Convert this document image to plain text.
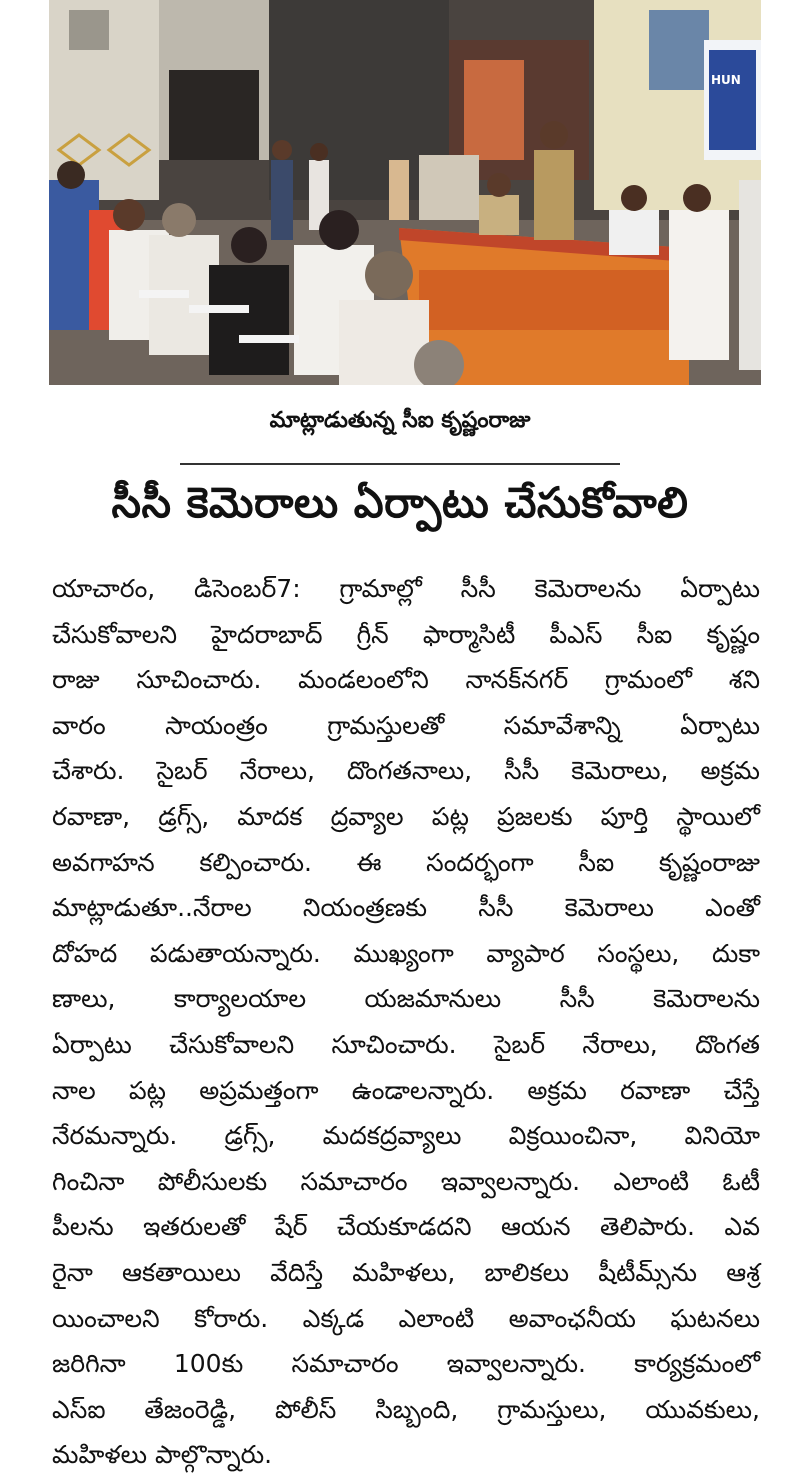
HUN
మాట్లాడుతున్న సీఐ కృష్ణంరాజు
సీసీ కెమెరాలు ఏర్పాటు చేసుకోవాలి
యాచారం, డిసెంబర్7: గ్రామాల్లో సీసీ కెమెరాలను ఏర్పాటు
చేసుకోవాలని హైదరాబాద్ గ్రీన్ ఫార్మాసిటీ పీఎస్ సీఐ కృష్ణం
రాజు సూచించారు. మండలంలోని నానక్‌నగర్ గ్రామంలో శని
వారం సాయంత్రం గ్రామస్తులతో సమావేశాన్ని ఏర్పాటు
చేశారు. సైబర్ నేరాలు, దొంగతనాలు, సీసీ కెమెరాలు, అక్రమ
రవాణా, డ్రగ్స్, మాదక ద్రవ్యాల పట్ల ప్రజలకు పూర్తి స్థాయిలో
అవగాహన కల్పించారు. ఈ సందర్భంగా సీఐ కృష్ణంరాజు
మాట్లాడుతూ..నేరాల నియంత్రణకు సీసీ కెమెరాలు ఎంతో
దోహద పడుతాయన్నారు. ముఖ్యంగా వ్యాపార సంస్థలు, దుకా
ణాలు, కార్యాలయాల యజమానులు సీసీ కెమెరాలను
ఏర్పాటు చేసుకోవాలని సూచించారు. సైబర్ నేరాలు, దొంగత
నాల పట్ల అప్రమత్తంగా ఉండాలన్నారు. అక్రమ రవాణా చేస్తే
నేరమన్నారు. డ్రగ్స్, మదకద్రవ్యాలు విక్రయించినా, వినియో
గించినా పోలీసులకు సమాచారం ఇవ్వాలన్నారు. ఎలాంటి ఓటీ
పీలను ఇతరులతో షేర్ చేయకూడదని ఆయన తెలిపారు. ఎవ
రైనా ఆకతాయిలు వేదిస్తే మహిళలు, బాలికలు షీటీమ్స్‌ను ఆశ్ర
యించాలని కోరారు. ఎక్కడ ఎలాంటి అవాంఛనీయ ఘటనలు
జరిగినా 100కు సమాచారం ఇవ్వాలన్నారు. కార్యక్రమంలో
ఎస్ఐ తేజంరెడ్డి, పోలీస్ సిబ్బంది, గ్రామస్తులు, యువకులు,
మహిళలు పాల్గొన్నారు.
